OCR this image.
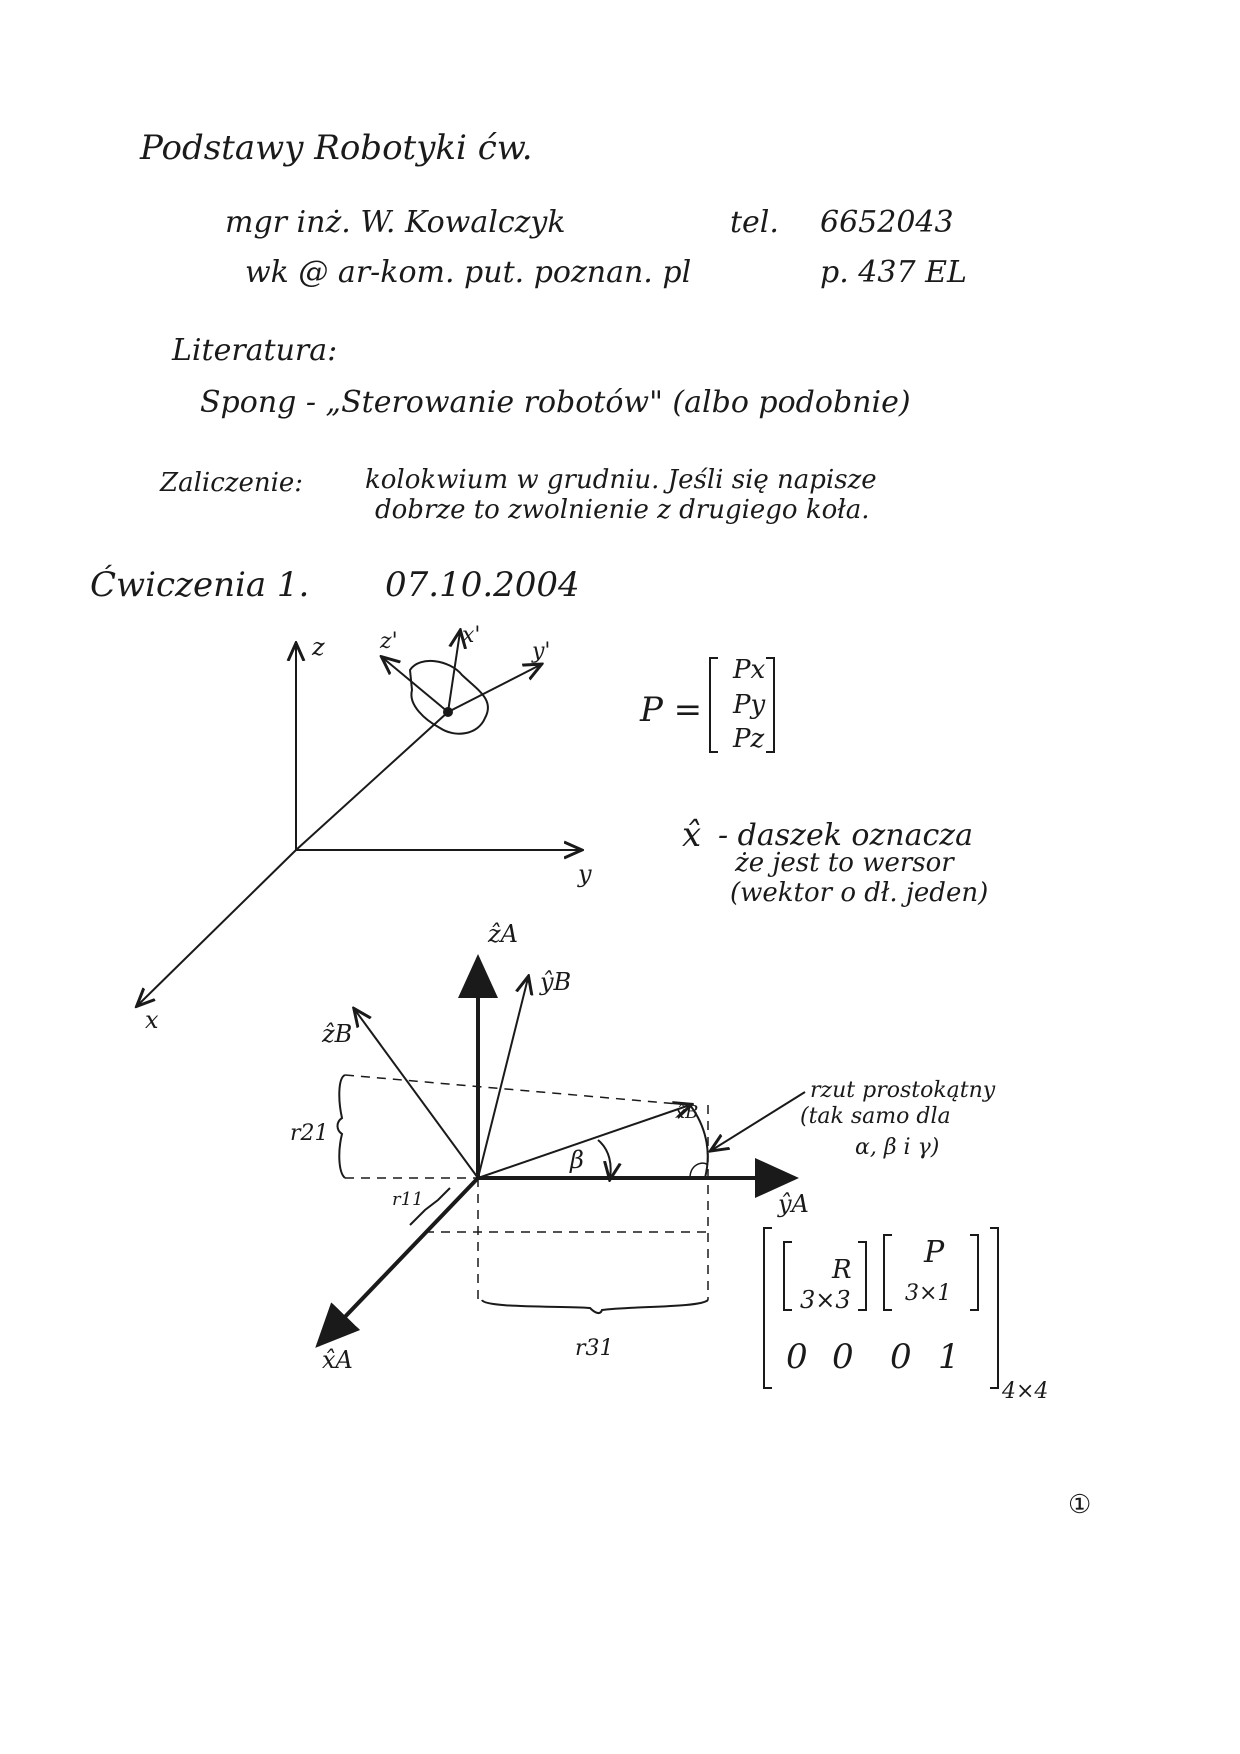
Podstawy Robotyki ćw.
mgr inż. W. Kowalczyk	tel. 6652043
wk @ ar-kom. put. poznan. pl	p. 437 EL
Literatura:
Spong - „Sterowanie robotów" (albo podobnie)
Zaliczenie: kolokwium w grudniu. Jeśli się napisze
dobrze to zwolnienie z drugiego koła.
Ćwiczenia 1. 07.10.2004
P =
Px
Py
Pz
x̂ - daszek oznacza
że jest to wersor
(wektor o dł. jeden)
rzut prostokątny
(tak samo dla
α, β i γ)
z
y
x
z'	x'
y'
ẑA
ŷB
ẑB
ŷA
x̂A
x̂B
r21
r11
r31
β
R
3×3
P
3×1
0 0 0 1
4×4
①
